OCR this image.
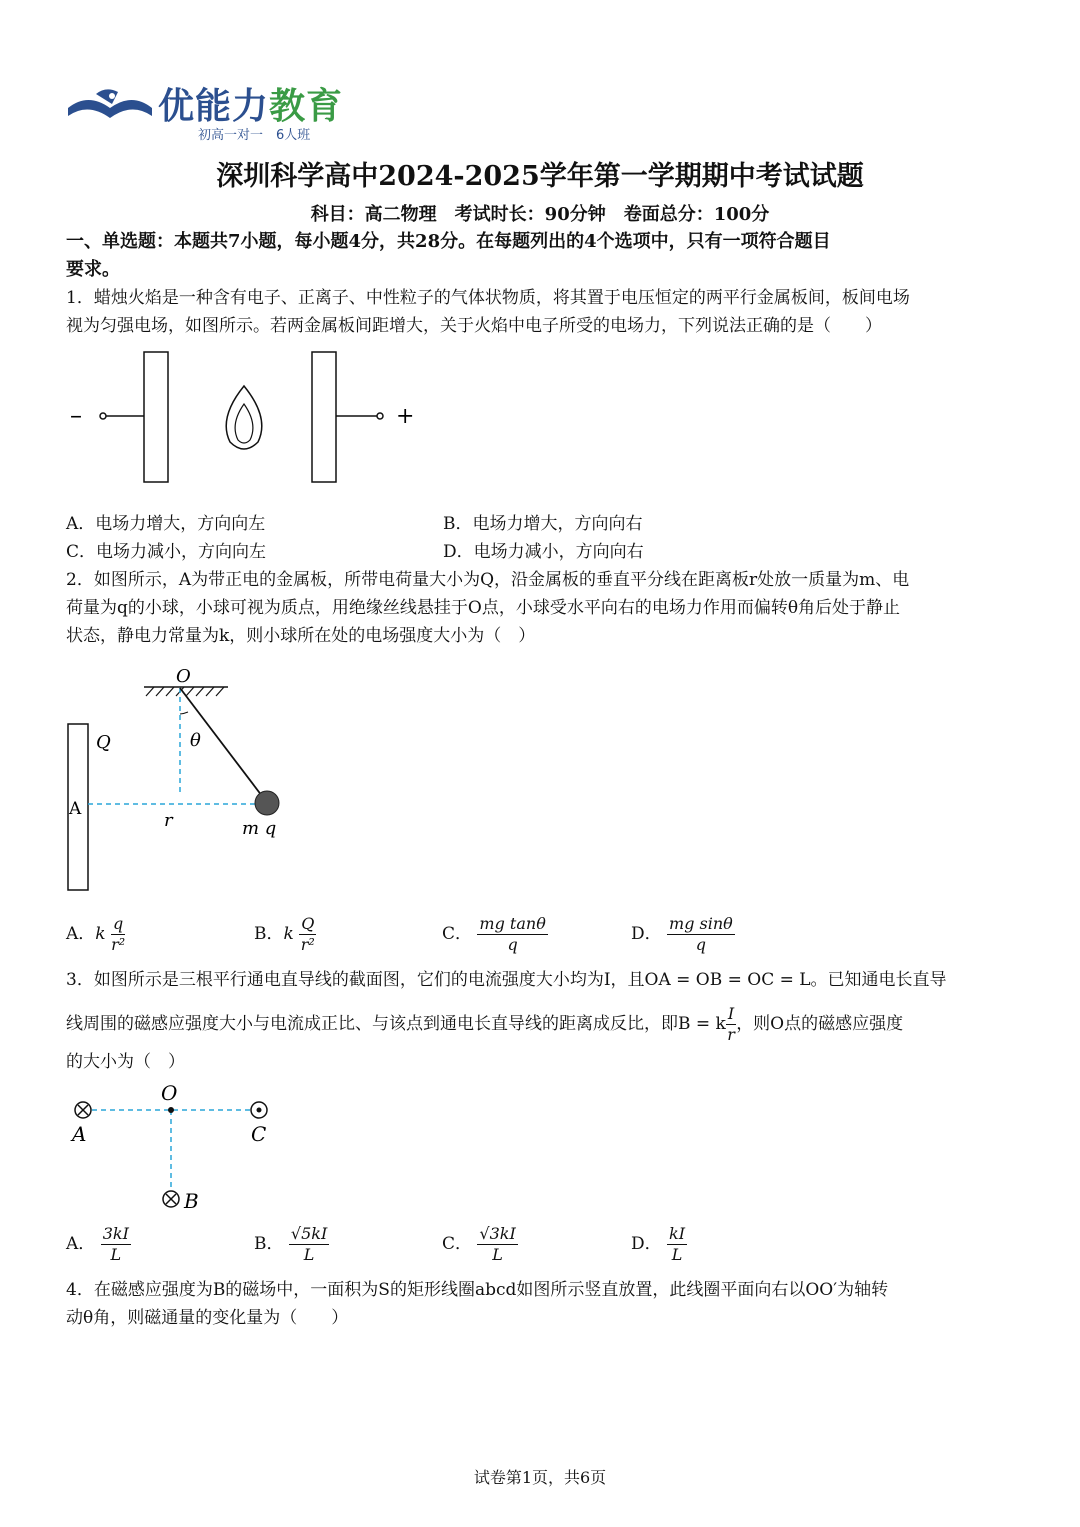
优能力教育
初高一对一　6人班
深圳科学高中2024-2025学年第一学期期中考试试题
科目：高二物理　考试时长：90分钟　卷面总分：100分
一、单选题：本题共7小题，每小题4分，共28分。在每题列出的4个选项中，只有一项符合题目
要求。
1．蜡烛火焰是一种含有电子、正离子、中性粒子的气体状物质，将其置于电压恒定的两平行金属板间，板间电场
视为匀强电场，如图所示。若两金属板间距增大，关于火焰中电子所受的电场力，下列说法正确的是（　　）
–	+
A．电场力增大，方向向左	B．电场力增大，方向向右
C．电场力减小，方向向左	D．电场力减小，方向向右
2．如图所示，A为带正电的金属板，所带电荷量大小为Q，沿金属板的垂直平分线在距离板r处放一质量为m、电
荷量为q的小球，小球可视为质点，用绝缘丝线悬挂于O点，小球受水平向右的电场力作用而偏转θ角后处于静止
状态，静电力常量为k，则小球所在处的电场强度大小为（　）
O
θ
Q
A
r	m q
A．k $\frac{q}{\text{r²}}$	B．k $\frac{Q}{\text{r²}}$	C． $\frac{\text{mg tanθ}}{q}$	D． $\frac{\text{mg sinθ}}{q}$
3．如图所示是三根平行通电直导线的截面图，它们的电流强度大小均为I，且OA = OB = OC = L。已知通电长直导
线周围的磁感应强度大小与电流成正比、与该点到通电长直导线的距离成反比，即B = k $\frac{I}{r}$ ，则O点的磁感应强度
的大小为（　）
O
A	C
B
A． $\frac{3kI}{L}$	B． $\frac{√5kI}{L}$	C． $\frac{√3kI}{L}$	D． $\frac{kI}{L}$
4．在磁感应强度为B的磁场中，一面积为S的矩形线圈abcd如图所示竖直放置，此线圈平面向右以OO′为轴转
动θ角，则磁通量的变化量为（　　）
试卷第1页，共6页
